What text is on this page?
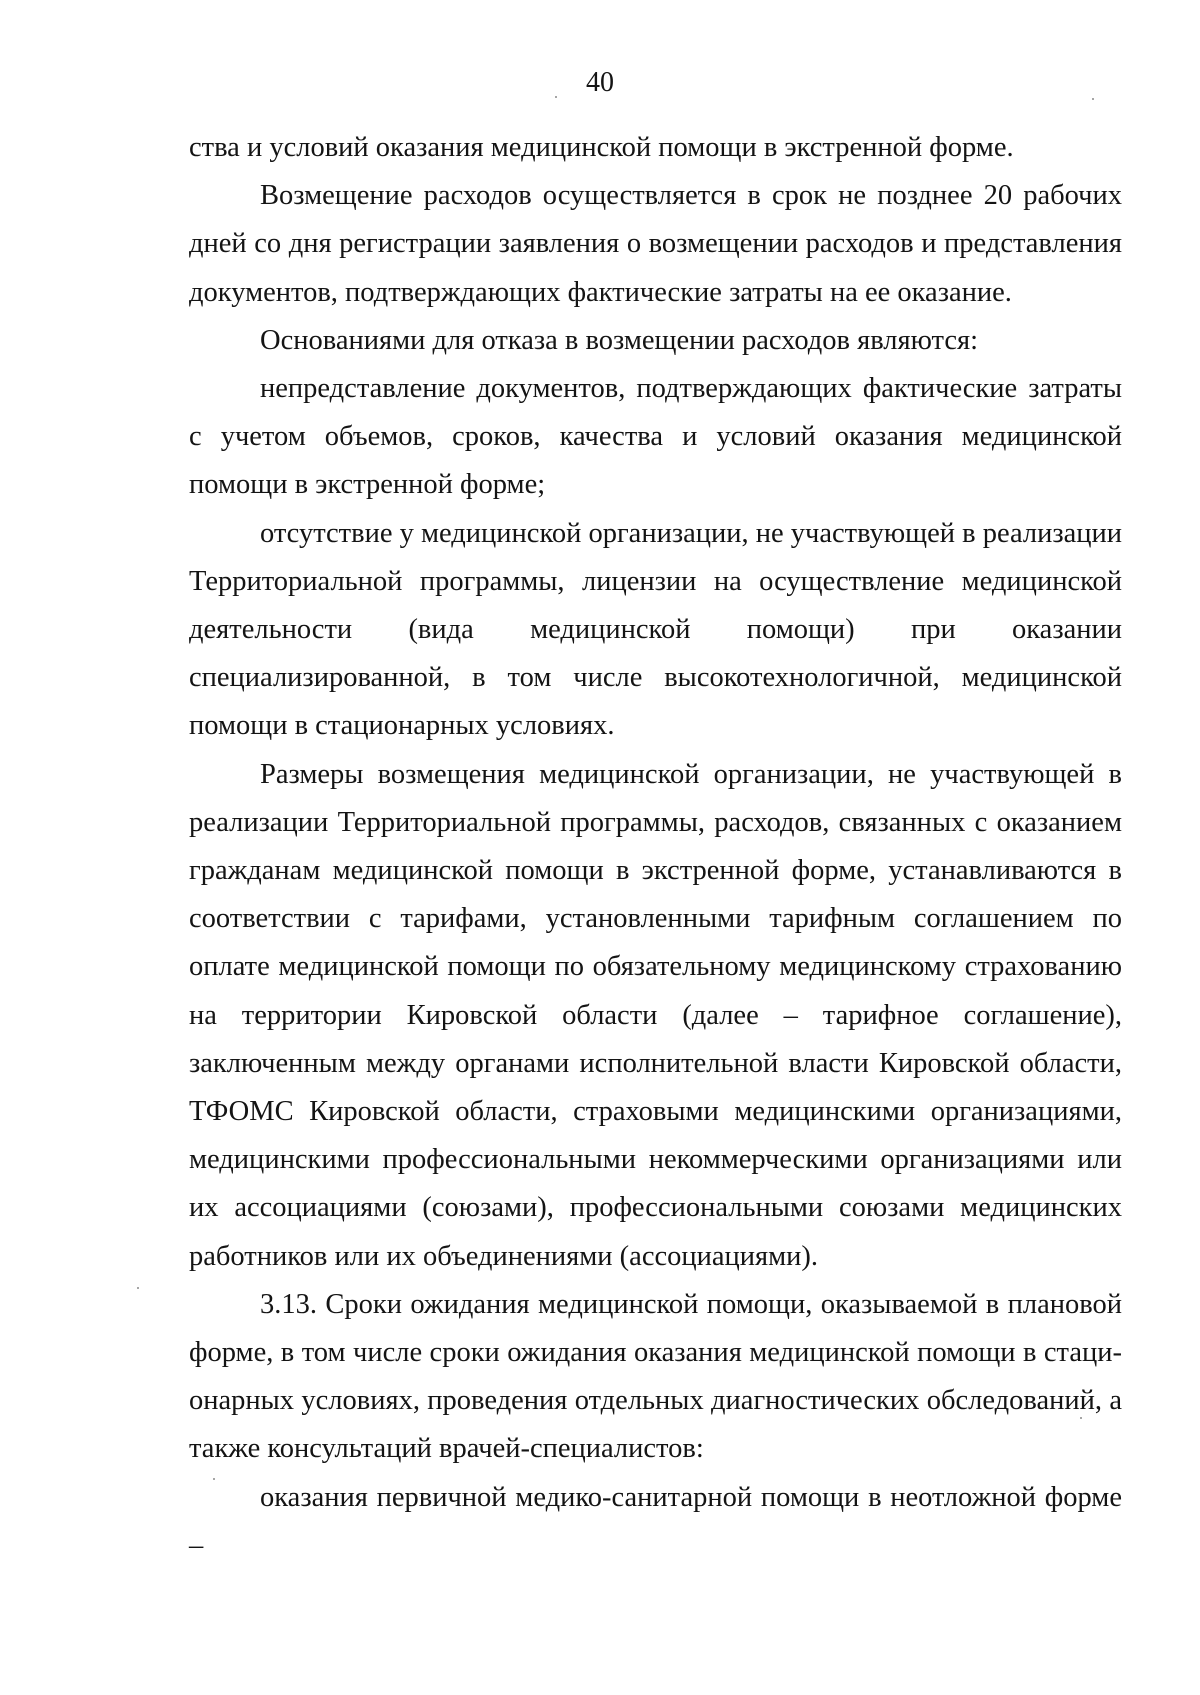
40

ства и условий оказания медицинской помощи в экстренной форме.

Возмещение расходов осуществляется в срок не позднее 20 рабочих дней со дня регистрации заявления о возмещении расходов и представления документов, подтверждающих фактические затраты на ее оказание.

Основаниями для отказа в возмещении расходов являются:

непредставление документов, подтверждающих фактические затраты с учетом объемов, сроков, качества и условий оказания медицинской помощи в экстренной форме;

отсутствие у медицинской организации, не участвующей в реализации Территориальной программы, лицензии на осуществление медицинской деятельности (вида медицинской помощи) при оказании специализированной, в том числе высокотехнологичной, медицинской помощи в стационарных условиях.

Размеры возмещения медицинской организации, не участвующей в реализации Территориальной программы, расходов, связанных с оказанием гражданам медицинской помощи в экстренной форме, устанавливаются в соответствии с тарифами, установленными тарифным соглашением по оплате медицинской помощи по обязательному медицинскому страхованию на территории Кировской области (далее – тарифное соглашение), заключенным между органами исполнительной власти Кировской области, ТФОМС Кировской области, страховыми медицинскими организациями, медицинскими профессиональными некоммерческими организациями или их ассоциациями (союзами), профессиональными союзами медицинских работников или их объединениями (ассоциациями).

3.13. Сроки ожидания медицинской помощи, оказываемой в плановой форме, в том числе сроки ожидания оказания медицинской помощи в стационарных условиях, проведения отдельных диагностических обследований, а также консультаций врачей-специалистов:

оказания первичной медико-санитарной помощи в неотложной форме –
